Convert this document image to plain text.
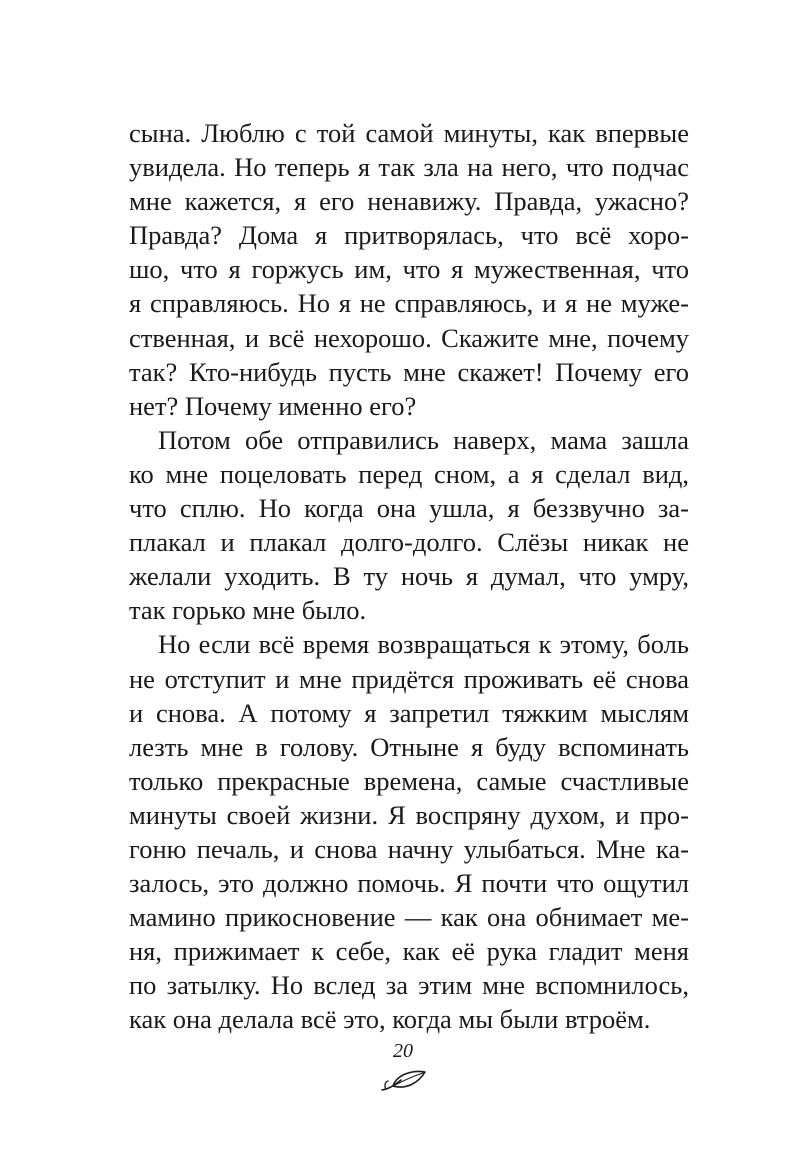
сына. Люблю с той самой минуты, как впервые
увидела. Но теперь я так зла на него, что подчас
мне кажется, я его ненавижу. Правда, ужасно?
Правда? Дома я притворялась, что всё хоро-
шо, что я горжусь им, что я мужественная, что
я справляюсь. Но я не справляюсь, и я не муже-
ственная, и всё нехорошо. Скажите мне, почему
так? Кто-нибудь пусть мне скажет! Почему его
нет? Почему именно его?
Потом обе отправились наверх, мама зашла
ко мне поцеловать перед сном, а я сделал вид,
что сплю. Но когда она ушла, я беззвучно за-
плакал и плакал долго-долго. Слёзы никак не
желали уходить. В ту ночь я думал, что умру,
так горько мне было.
Но если всё время возвращаться к этому, боль
не отступит и мне придётся проживать её снова
и снова. А потому я запретил тяжким мыслям
лезть мне в голову. Отныне я буду вспоминать
только прекрасные времена, самые счастливые
минуты своей жизни. Я воспряну духом, и про-
гоню печаль, и снова начну улыбаться. Мне ка-
залось, это должно помочь. Я почти что ощутил
мамино прикосновение — как она обнимает ме-
ня, прижимает к себе, как её рука гладит меня
по затылку. Но вслед за этим мне вспомнилось,
как она делала всё это, когда мы были втроём.
20
